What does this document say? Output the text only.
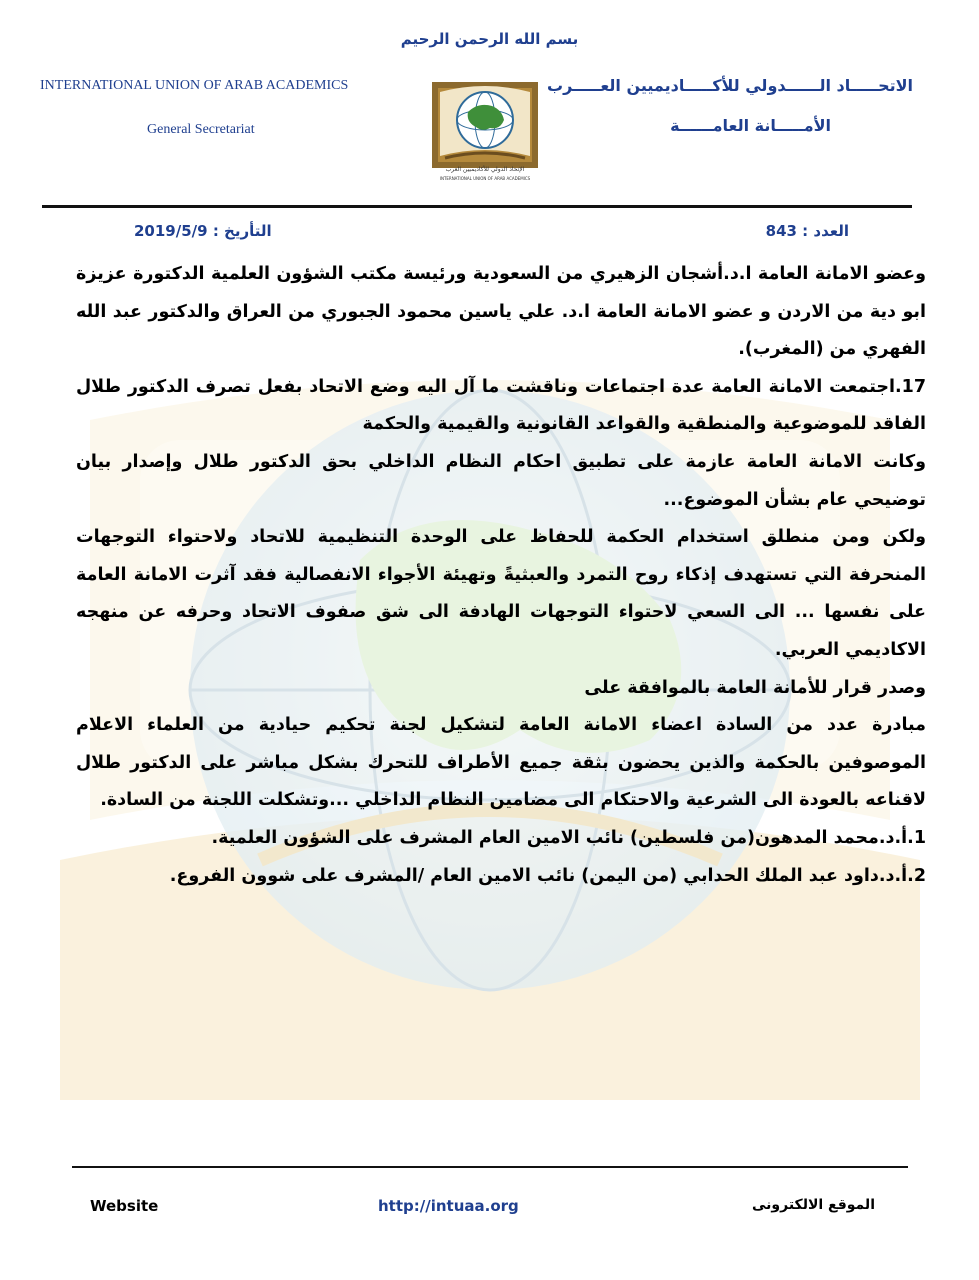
بسم الله الرحمن الرحيم
INTERNATIONAL UNION OF ARAB ACADEMICS
General Secretariat
الاتحـــــاد الــــــدولي للأكـــــاديميين العـــــرب
الأمـــــانة العامــــــة
الإتحاد الدولي للأكاديميين العرب
INTERNATIONAL UNION OF ARAB ACADEMICS
العدد : 843
التأريخ : 2019/5/9

وعضو الامانة العامة ا.د.أشجان الزهيري من السعودية ورئيسة مكتب الشؤون العلمية الدكتورة عزيزة ابو دية من الاردن و عضو الامانة العامة ا.د. علي ياسين محمود الجبوري من العراق والدكتور عبد الله الفهري من (المغرب).

17.اجتمعت الامانة العامة عدة اجتماعات وناقشت ما آل اليه وضع الاتحاد بفعل تصرف الدكتور طلال الفاقد للموضوعية والمنطقية والقواعد القانونية والقيمية والحكمة

وكانت الامانة العامة عازمة على تطبيق احكام النظام الداخلي بحق الدكتور طلال وإصدار بيان توضيحي عام بشأن الموضوع...

ولكن ومن منطلق استخدام الحكمة للحفاظ على الوحدة التنظيمية للاتحاد ولاحتواء التوجهات المنحرفة التي تستهدف إذكاء روح التمرد والعبثيةً وتهيئة الأجواء الانفصالية فقد آثرت الامانة العامة على نفسها ... الى السعي لاحتواء التوجهات الهادفة الى شق صفوف الاتحاد وحرفه عن منهجه الاكاديمي العربي.

وصدر قرار للأمانة العامة بالموافقة على

مبادرة عدد من السادة اعضاء الامانة العامة لتشكيل لجنة تحكيم حيادية من العلماء الاعلام الموصوفين بالحكمة والذين يحضون بثقة جميع الأطراف للتحرك بشكل مباشر على الدكتور طلال لاقناعه بالعودة الى الشرعية والاحتكام الى مضامين النظام الداخلي ...وتشكلت اللجنة من السادة.

1.أ.د.محمد المدهون(من فلسطين) نائب الامين العام المشرف على الشؤون العلمية.

2.أ.د.داود عبد الملك الحدابي (من اليمن) نائب الامين العام /المشرف على شوون الفروع.

Website	http://intuaa.org	الموقع الالكترونى
